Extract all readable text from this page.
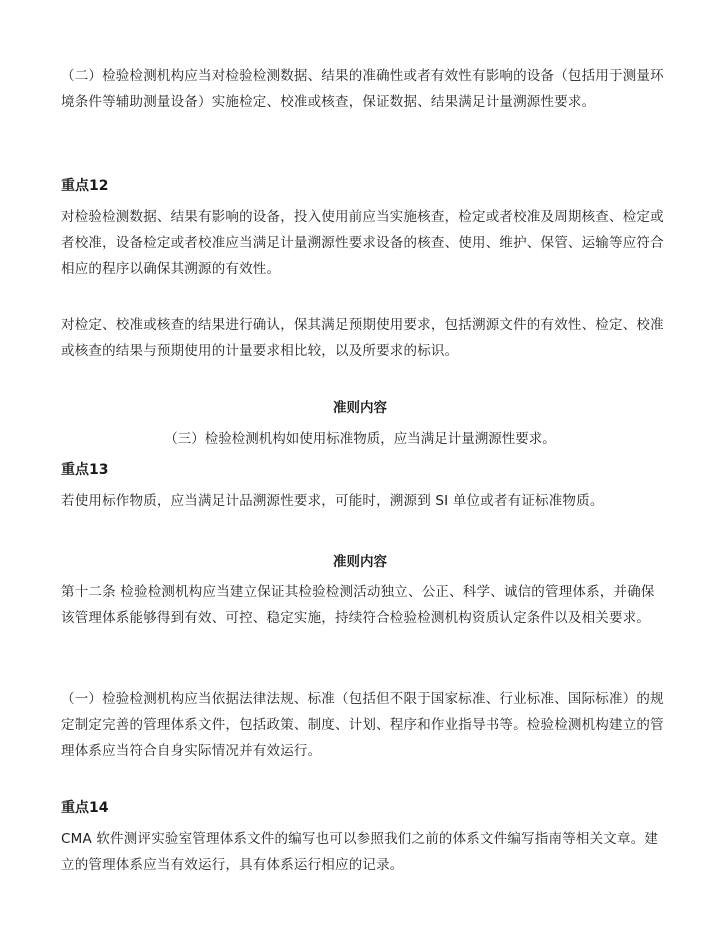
（二）检验检测机构应当对检验检测数据、结果的准确性或者有效性有影响的设备（包括用于测量环境条件等辅助测量设备）实施检定、校准或核查，保证数据、结果满足计量溯源性要求。

重点12

对检验检测数据、结果有影响的设备，投入使用前应当实施核查，检定或者校准及周期核查、检定或者校准，设备检定或者校准应当满足计量溯源性要求设备的核查、使用、维护、保管、运输等应符合相应的程序以确保其溯源的有效性。

对检定、校准或核查的结果进行确认，保其满足预期使用要求，包括溯源文件的有效性、检定、校准或核查的结果与预期使用的计量要求相比较，以及所要求的标识。

准则内容

（三）检验检测机构如使用标准物质，应当满足计量溯源性要求。

重点13

若使用标作物质，应当满足计品溯源性要求，可能时，溯源到 SI 单位或者有证标准物质。

准则内容

第十二条 检验检测机构应当建立保证其检验检测活动独立、公正、科学、诚信的管理体系，并确保该管理体系能够得到有效、可控、稳定实施，持续符合检验检测机构资质认定条件以及相关要求。

（一）检验检测机构应当依据法律法规、标准（包括但不限于国家标准、行业标准、国际标准）的规定制定完善的管理体系文件，包括政策、制度、计划、程序和作业指导书等。检验检测机构建立的管理体系应当符合自身实际情况并有效运行。

重点14

CMA 软件测评实验室管理体系文件的编写也可以参照我们之前的体系文件编写指南等相关文章。建立的管理体系应当有效运行，具有体系运行相应的记录。
